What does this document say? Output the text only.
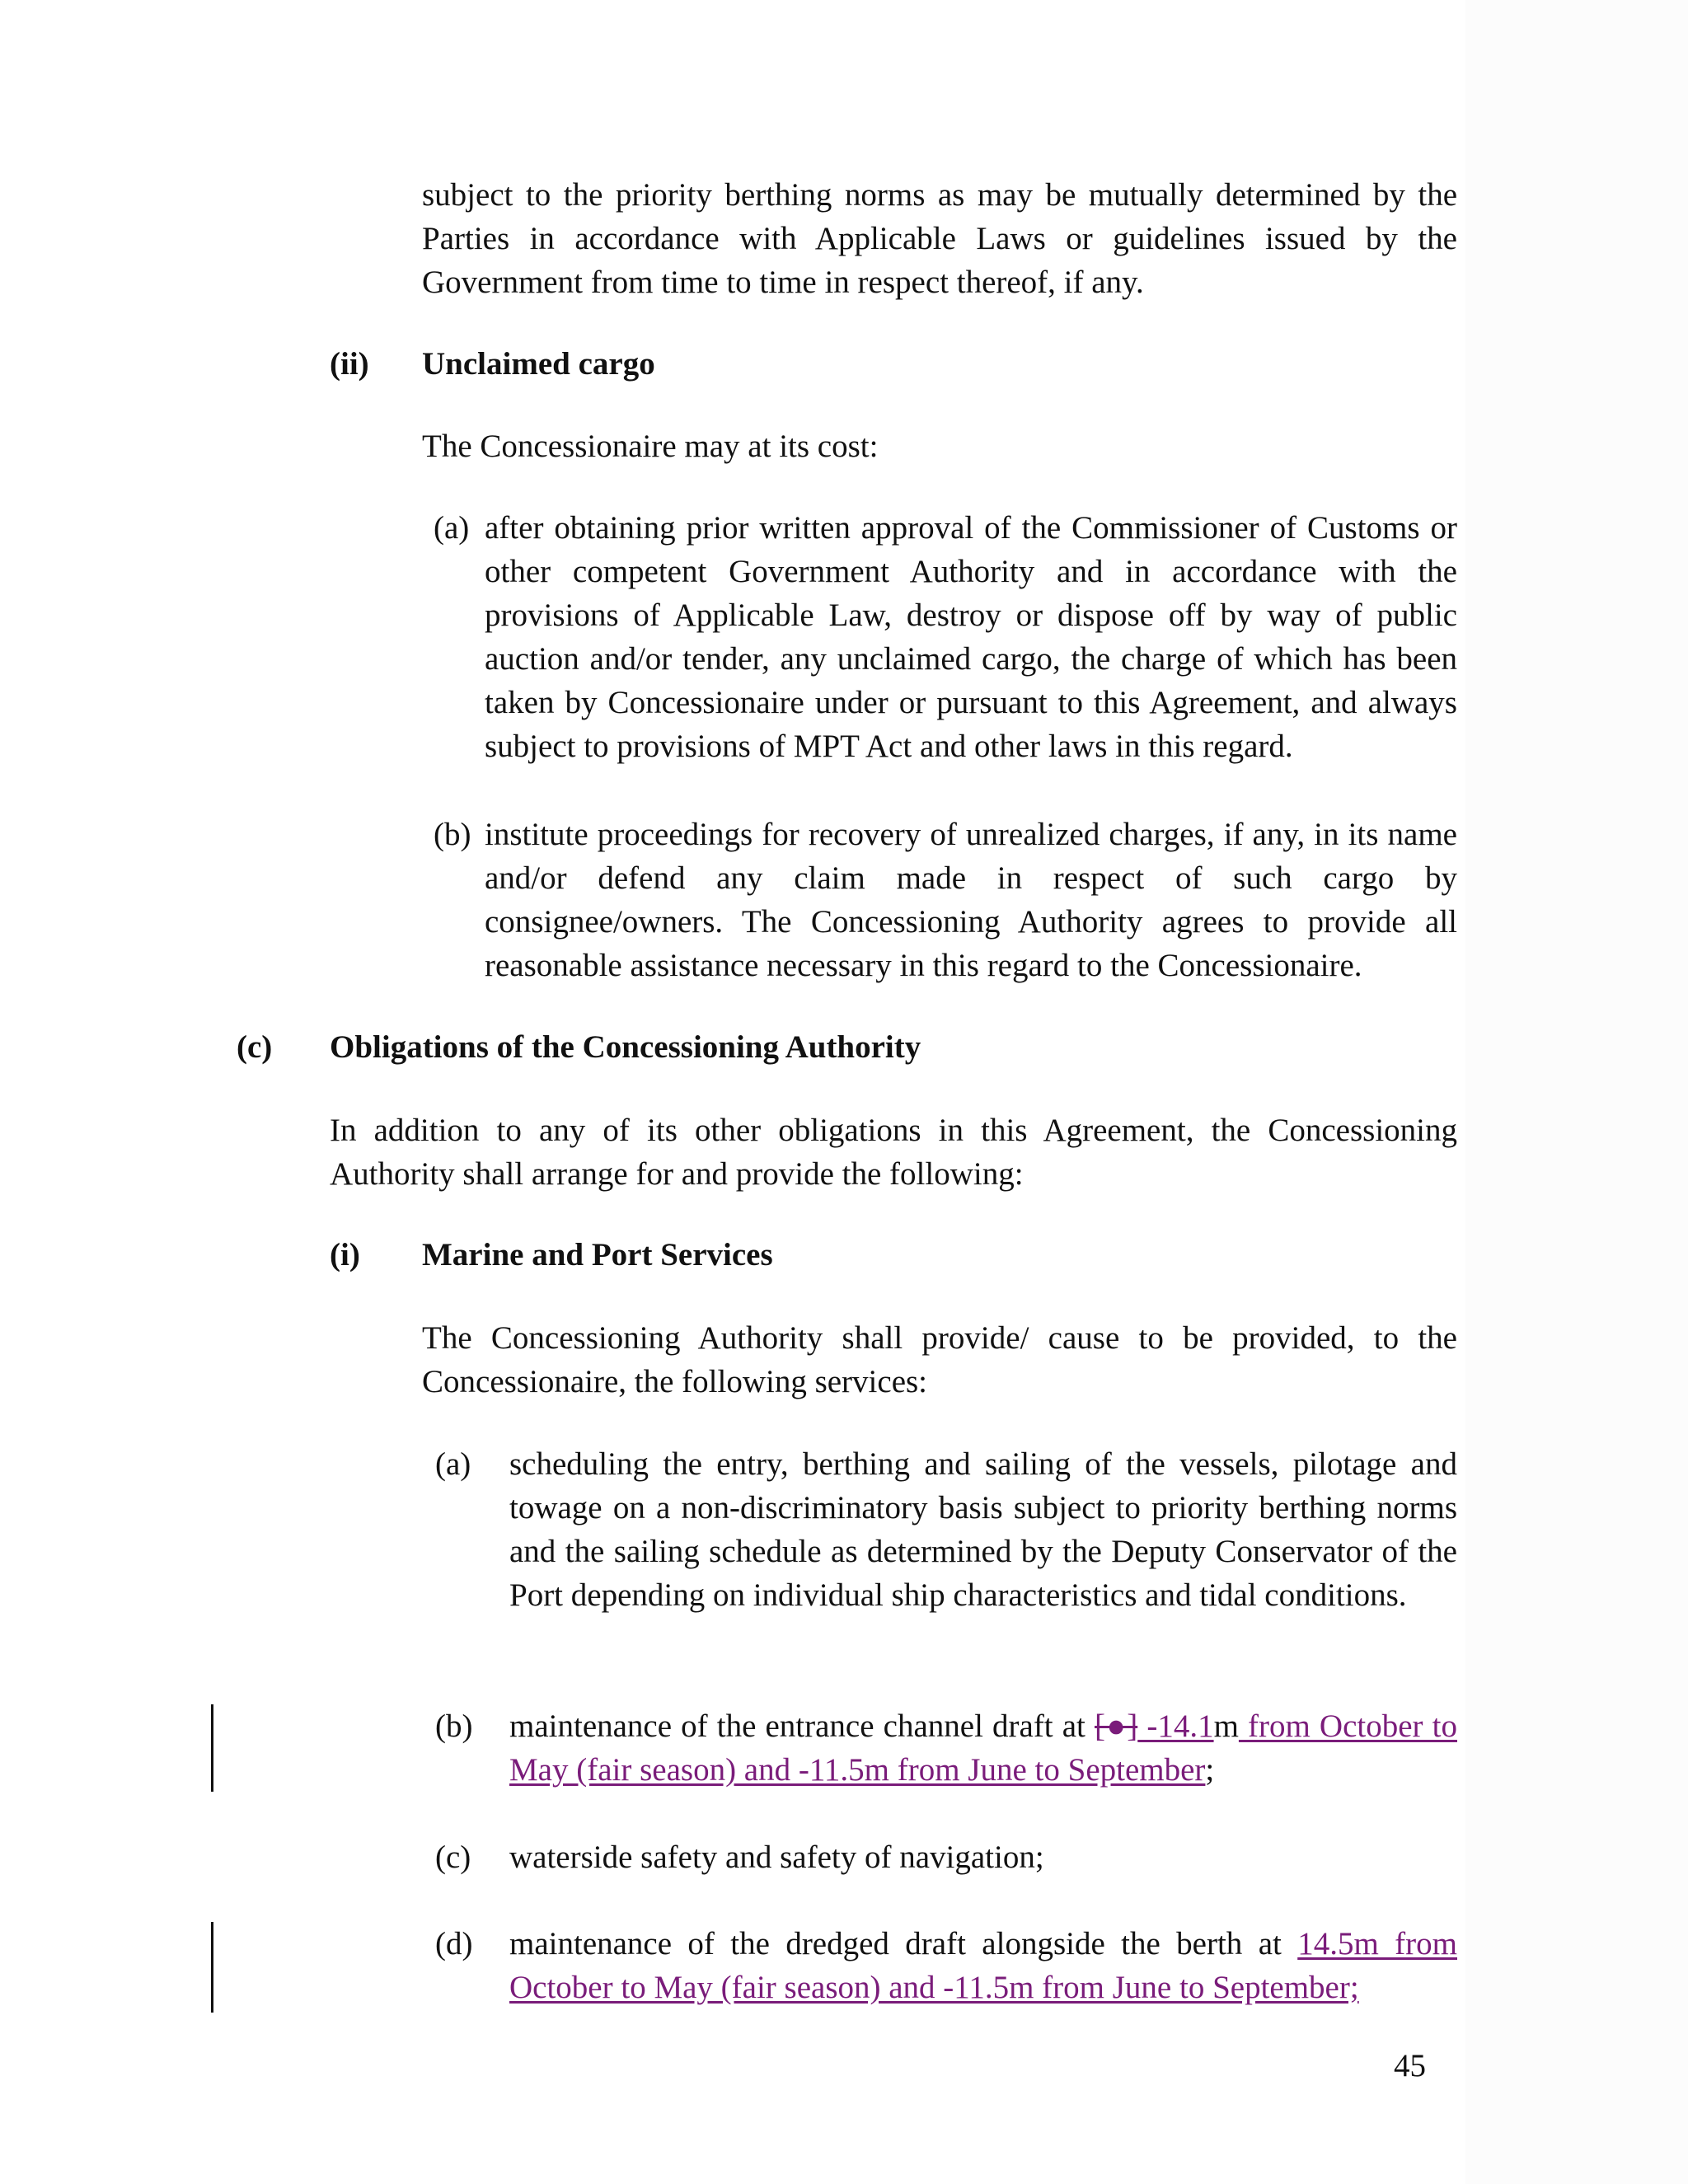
subject to the priority berthing norms as may be mutually determined by the Parties in accordance with Applicable Laws or guidelines issued by the Government from time to time in respect thereof, if any.

(ii) Unclaimed cargo

The Concessionaire may at its cost:

(a) after obtaining prior written approval of the Commissioner of Customs or other competent Government Authority and in accordance with the provisions of Applicable Law, destroy or dispose off by way of public auction and/or tender, any unclaimed cargo, the charge of which has been taken by Concessionaire under or pursuant to this Agreement, and always subject to provisions of MPT Act and other laws in this regard.

(b) institute proceedings for recovery of unrealized charges, if any, in its name and/or defend any claim made in respect of such cargo by consignee/owners. The Concessioning Authority agrees to provide all reasonable assistance necessary in this regard to the Concessionaire.

(c) Obligations of the Concessioning Authority

In addition to any of its other obligations in this Agreement, the Concessioning Authority shall arrange for and provide the following:

(i) Marine and Port Services

The Concessioning Authority shall provide/ cause to be provided, to the Concessionaire, the following services:

(a) scheduling the entry, berthing and sailing of the vessels, pilotage and towage on a non-discriminatory basis subject to priority berthing norms and the sailing schedule as determined by the Deputy Conservator of the Port depending on individual ship characteristics and tidal conditions.

(b) maintenance of the entrance channel draft at [●] -14.1m from October to May (fair season) and -11.5m from June to September;

(c) waterside safety and safety of navigation;

(d) maintenance of the dredged draft alongside the berth at 14.5m from October to May (fair season) and -11.5m from June to September;

45
